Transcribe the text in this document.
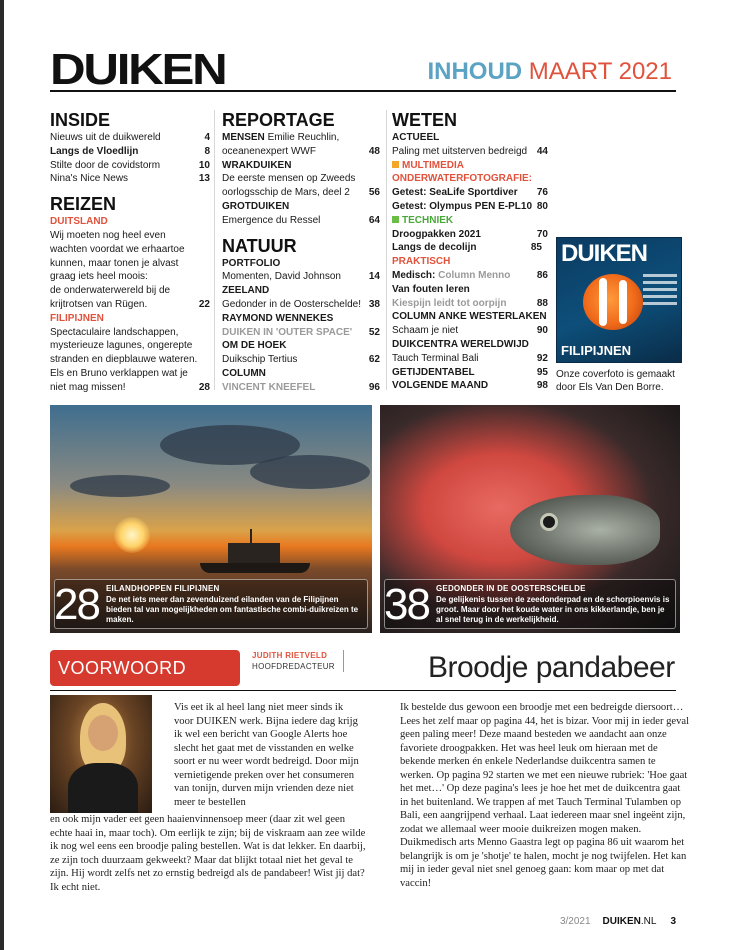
DUIKEN	INHOUD MAART 2021
INSIDE
Nieuws uit de duikwereld	4
Langs de Vloedlijn	8
Stilte door de covidstorm	10
Nina's Nice News	13
REIZEN
DUITSLAND
Wij moeten nog heel even
wachten voordat we erhaartoe
kunnen, maar tonen je alvast
graag iets heel moois:
de onderwaterwereld bij de
krijtrotsen van Rügen.	22
FILIPIJNEN
Spectaculaire landschappen,
mysterieuze lagunes, ongerepte
stranden en diepblauwe wateren.
Els en Bruno verklappen wat je
niet mag missen!	28
REPORTAGE
MENSEN Emilie Reuchlin,
oceanenexpert WWF	48
WRAKDUIKEN
De eerste mensen op Zweeds
oorlogsschip de Mars, deel 2 56
GROTDUIKEN
Emergence du Ressel	64
NATUUR
PORTFOLIO
Momenten, David Johnson	14
ZEELAND
Gedonder in de Oosterschelde! 38
RAYMOND WENNEKES
DUIKEN IN 'OUTER SPACE' 52
OM DE HOEK
Duikschip Tertius	62
COLUMN
VINCENT KNEEFEL	96
WETEN
ACTUEEL
Paling met uitsterven bedreigd 44
MULTIMEDIA
ONDERWATERFOTOGRAFIE:
Getest: SeaLife Sportdiver 76
Getest: Olympus PEN E-PL10 80
TECHNIEK
Droogpakken 2021	70
Langs de decolijn	85
PRAKTISCH
Medisch: Column Menno	86
Van fouten leren
Kiespijn leidt tot oorpijn	88
COLUMN ANKE WESTERLAKEN
Schaam je niet	90
DUIKCENTRA WERELDWIJD
Tauch Terminal Bali	92
GETIJDENTABEL	95
VOLGENDE MAAND	98
DUIKEN
FILIPIJNEN
Onze coverfoto is gemaakt door Els Van Den Borre.
28 EILANDHOPPEN FILIPIJNEN
De net iets meer dan zevenduizend eilanden van de Filipijnen bieden tal van mogelijkheden om fantastische combi-duikreizen te maken.	38 GEDONDER IN DE OOSTERSCHELDE
De gelijkenis tussen de zeedonderpad en de schorpioenvis is groot. Maar door het koude water in ons kikkerlandje, ben je al snel terug in de werkelijkheid.
VOORWOORD
JUDITH RIETVELD
HOOFDREDACTEUR	Broodje pandabeer
Vis eet ik al heel lang niet meer sinds ik voor DUIKEN werk. Bijna iedere dag krijg ik wel een bericht van Google Alerts hoe slecht het gaat met de visstanden en welke soort er nu weer wordt bedreigd. Door mijn vernietigende preken over het consumeren van tonijn, durven mijn vrienden deze niet meer te bestellen
en ook mijn vader eet geen haaienvinnensoep meer (daar zit wel geen echte haai in, maar toch). Om eerlijk te zijn; bij de viskraam aan zee wilde ik nog wel eens een broodje paling bestellen. Wat is dat lekker. En daarbij, ze zijn toch duurzaam gekweekt? Maar dat blijkt totaal niet het geval te zijn. Hij wordt zelfs net zo ernstig bedreigd als de pandabeer! Wist jij dat? Ik echt niet.
Ik bestelde dus gewoon een broodje met een bedreigde diersoort… Lees het zelf maar op pagina 44, het is bizar. Voor mij in ieder geval geen paling meer! Deze maand besteden we aandacht aan onze favoriete droogpakken. Het was heel leuk om hieraan met de bekende merken én enkele Nederlandse duikcentra samen te werken. Op pagina 92 starten we met een nieuwe rubriek: 'Hoe gaat het met…' Op deze pagina's lees je hoe het met de duikcentra gaat in het buitenland. We trappen af met Tauch Terminal Tulamben op Bali, een aangrijpend verhaal. Laat iedereen maar snel ingeënt zijn, zodat we allemaal weer mooie duikreizen mogen maken. Duikmedisch arts Menno Gaastra legt op pagina 86 uit waarom het belangrijk is om je 'shotje' te halen, mocht je nog twijfelen. Het kan mij in ieder geval niet snel genoeg gaan: kom maar op met dat vaccin!
3/2021 DUIKEN.NL 3
